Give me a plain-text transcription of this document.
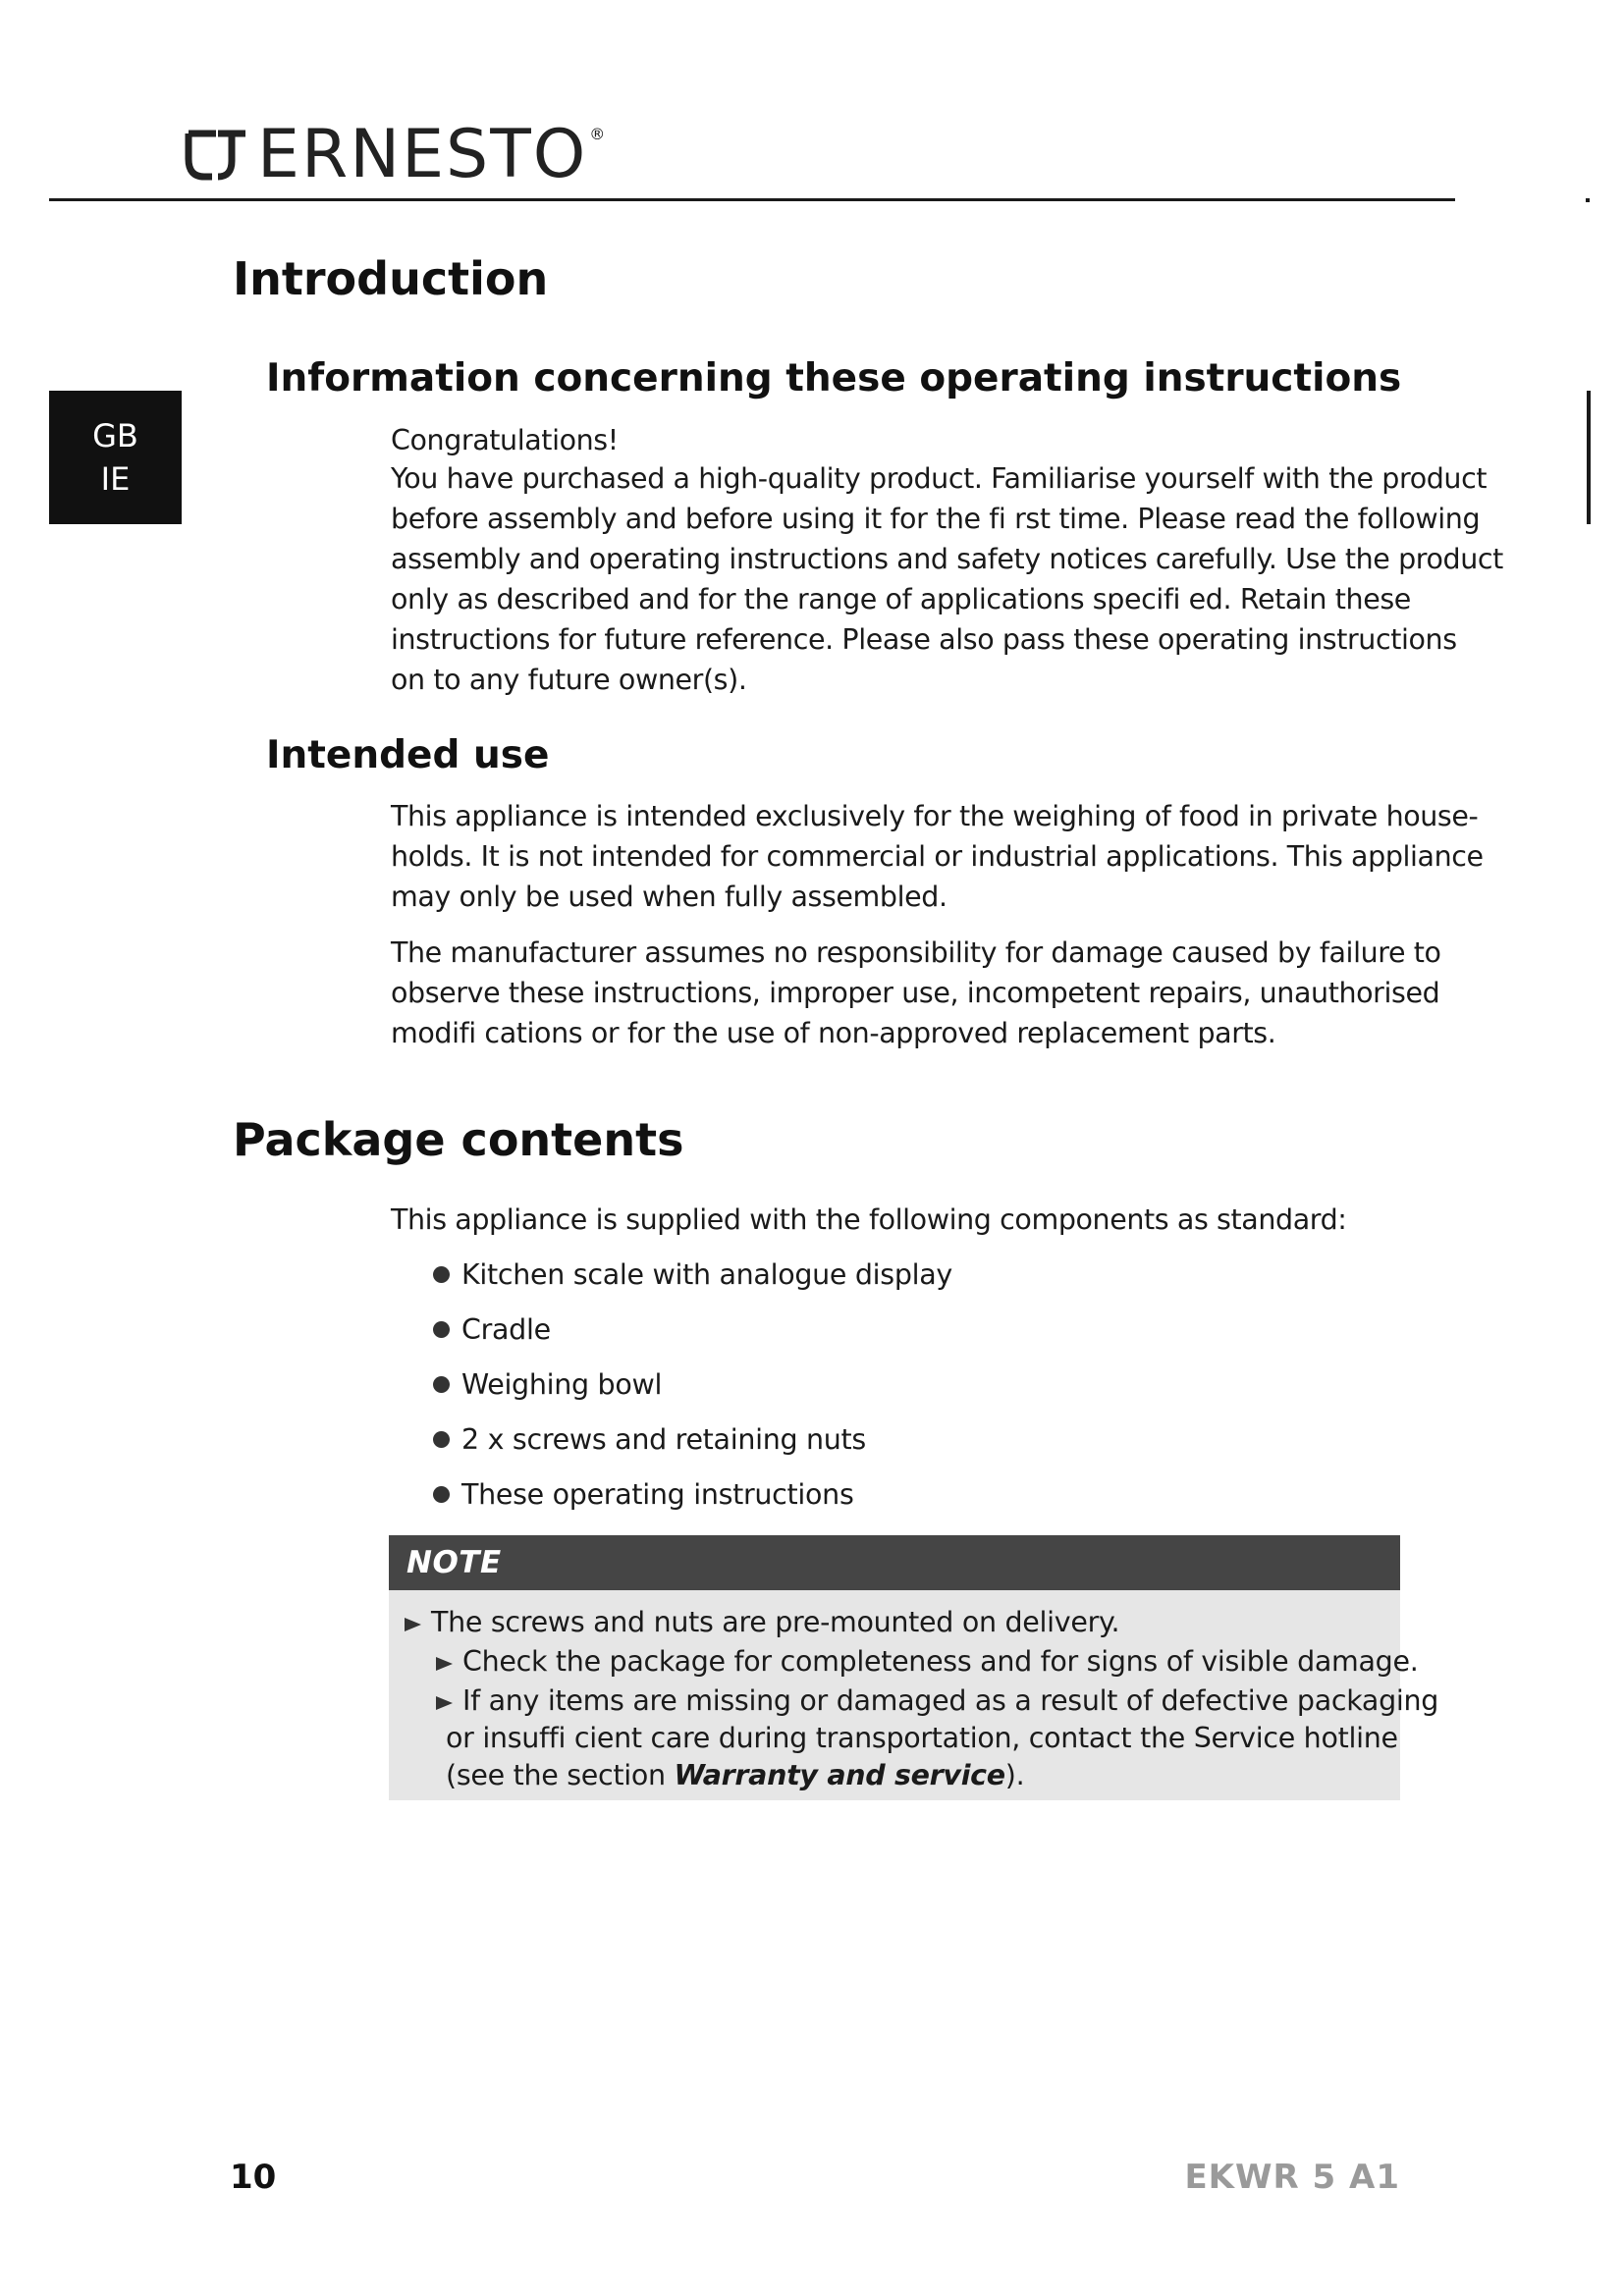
ERNESTO ®
GB
IE
Introduction
Information concerning these operating instructions
Congratulations!
You have purchased a high-quality product. Familiarise yourself with the product
before assembly and before using it for the fi rst time. Please read the following
assembly and operating instructions and safety notices carefully. Use the product
only as described and for the range of applications specifi ed. Retain these
instructions for future reference. Please also pass these operating instructions
on to any future owner(s).
Intended use
This appliance is intended exclusively for the weighing of food in private house-
holds. It is not intended for commercial or industrial applications. This appliance
may only be used when fully assembled.
The manufacturer assumes no responsibility for damage caused by failure to
observe these instructions, improper use, incompetent repairs, unauthorised
modifi cations or for the use of non-approved replacement parts.
Package contents

This appliance is supplied with the following components as standard:

Kitchen scale with analogue display
Cradle
Weighing bowl
2 x screws and retaining nuts
These operating instructions
NOTE
The screws and nuts are pre-mounted on delivery.
Check the package for completeness and for signs of visible damage.
If any items are missing or damaged as a result of defective packaging
or insuffi cient care during transportation, contact the Service hotline
(see the section Warranty and service).
10	EKWR 5 A1
